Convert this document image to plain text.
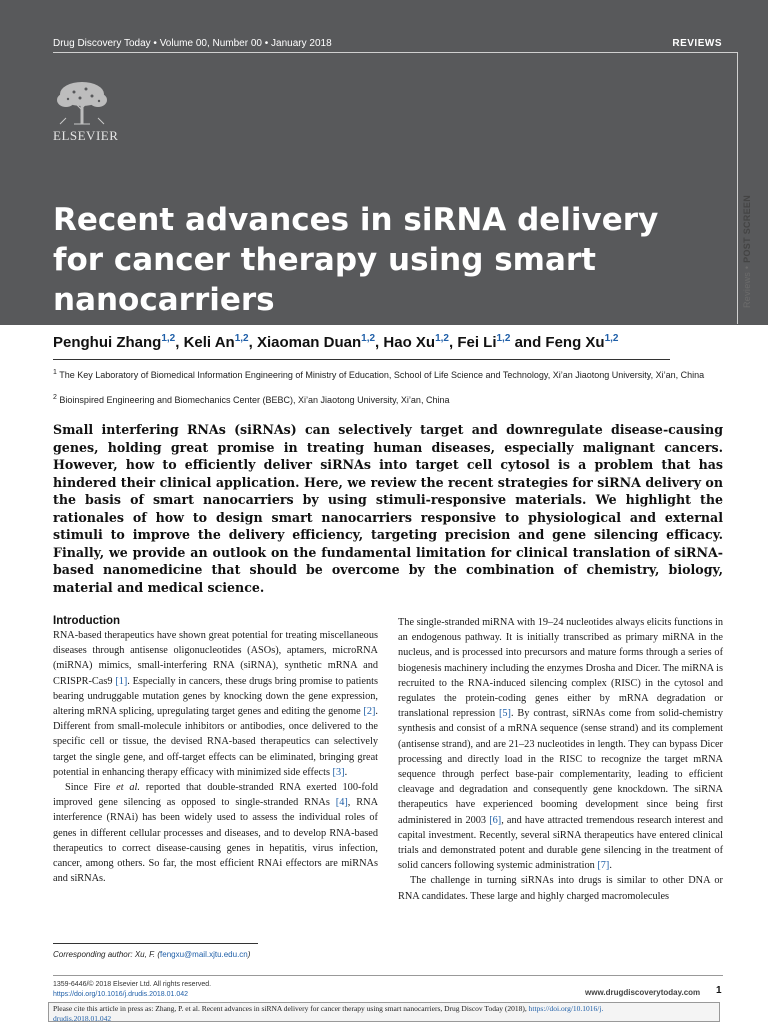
Drug Discovery Today • Volume 00, Number 00 • January 2018	REVIEWS
ELSEVIER
Recent advances in siRNA delivery for cancer therapy using smart nanocarriers	Reviews • POST SCREEN
Penghui Zhang$^{1,2}$, Keli An$^{1,2}$, Xiaoman Duan$^{1,2}$, Hao Xu$^{1,2}$, Fei Li$^{1,2}$ and Feng Xu$^{1,2}$
$^1$ The Key Laboratory of Biomedical Information Engineering of Ministry of Education, School of Life Science and Technology, Xi’an Jiaotong University, Xi’an, China
$^2$ Bioinspired Engineering and Biomechanics Center (BEBC), Xi’an Jiaotong University, Xi’an, China

Small interfering RNAs (siRNAs) can selectively target and downregulate disease-causing genes, holding great promise in treating human diseases, especially malignant cancers. However, how to efficiently deliver siRNAs into target cell cytosol is a problem that has hindered their clinical application. Here, we review the recent strategies for siRNA delivery on the basis of smart nanocarriers by using stimuli-responsive materials. We highlight the rationales of how to design smart nanocarriers responsive to physiological and external stimuli to improve the delivery efficiency, targeting precision and gene silencing efficacy. Finally, we provide an outlook on the fundamental limitation for clinical translation of siRNA-based nanomedicine that should be overcome by the combination of chemistry, biology, material and medical science.

Introduction

RNA-based therapeutics have shown great potential for treating miscellaneous diseases through antisense oligonucleotides (ASOs), aptamers, microRNA (miRNA) mimics, small-interfering RNA (siRNA), synthetic mRNA and CRISPR-Cas9 [1]. Especially in cancers, these drugs bring promise to patients bearing undruggable mutation genes by knocking down the gene expression, altering mRNA splicing, upregulating target genes and editing the genome [2]. Different from small-molecule inhibitors or antibodies, once delivered to the specific cell or tissue, the devised RNA-based therapeutics can selectively target the single gene, and off-target effects can be eliminated, bringing great potential in enhancing therapy efficacy with minimized side effects [3].

Since Fire et al. reported that double-stranded RNA exerted 100-fold improved gene silencing as opposed to single-stranded RNAs [4], RNA interference (RNAi) has been widely used to assess the individual roles of genes in different cellular processes and diseases, and to develop RNA-based therapeutics to correct disease-causing genes in hepatitis, virus infection, cancer, among others. So far, the most efficient RNAi effectors are miRNAs and siRNAs.

The single-stranded miRNA with 19–24 nucleotides always elicits functions in an endogenous pathway. It is initially transcribed as primary miRNA in the nucleus, and is processed into precursors and mature forms through a series of biogenesis machinery including the enzymes Drosha and Dicer. The miRNA is recruited to the RNA-induced silencing complex (RISC) in the cytosol and regulates the protein-coding genes either by mRNA degradation or translational repression [5]. By contrast, siRNAs come from solid-chemistry synthesis and consist of a mRNA sequence (sense strand) and its complement (antisense strand), and are 21–23 nucleotides in length. They can bypass Dicer processing and directly load in the RISC to recognize the target mRNA sequence through perfect base-pair complementarity, leading to efficient cleavage and degradation and consequently gene knockdown. The siRNA therapeutics have experienced booming development since being first administered in 2003 [6], and have attracted tremendous research interest and capital investment. Recently, several siRNA therapeutics have entered clinical trials and demonstrated potent and durable gene silencing in the treatment of solid cancers following systemic administration [7].

The challenge in turning siRNAs into drugs is similar to other DNA or RNA candidates. These large and highly charged macromolecules

Corresponding author: Xu, F. (fengxu@mail.xjtu.edu.cn)
1359-6446/© 2018 Elsevier Ltd. All rights reserved.
https://doi.org/10.1016/j.drudis.2018.01.042	www.drugdiscoverytoday.com 1
Please cite this article in press as: Zhang, P. et al. Recent advances in siRNA delivery for cancer therapy using smart nanocarriers, Drug Discov Today (2018), https://doi.org/10.1016/j.
drudis.2018.01.042
